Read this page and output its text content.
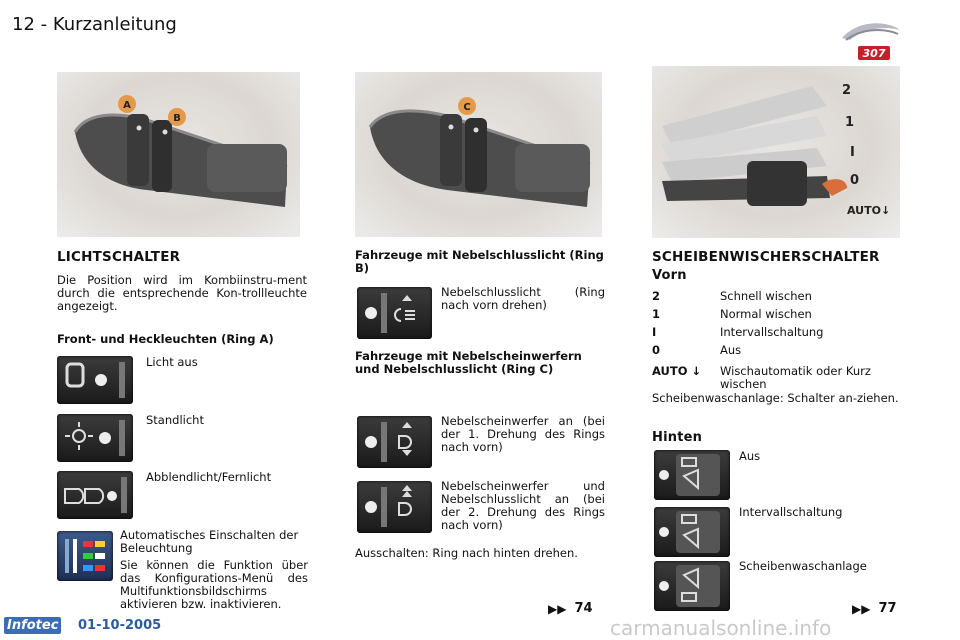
12 - Kurzanleitung
307
A
B
C
2
1
I
0
AUTO↓
LICHTSCHALTER
Die Position wird im Kombiinstru-ment durch die entsprechende Kon-trollleuchte angezeigt.
Front- und Heckleuchten (Ring A)
Licht aus
Standlicht
Abblendlicht/Fernlicht
Automatisches Einschalten der Beleuchtung
Sie können die Funktion über das Konfigurations-Menü des Multifunktionsbildschirms aktivieren bzw. inaktivieren.
Fahrzeuge mit Nebelschlusslicht (Ring B)
Nebelschlusslicht (Ring nach vorn drehen)
Fahrzeuge mit Nebelscheinwerfern und Nebelschlusslicht (Ring C)
Nebelscheinwerfer an (bei der 1. Drehung des Rings nach vorn)
Nebelscheinwerfer und Nebelschlusslicht an (bei der 2. Drehung des Rings nach vorn)
Ausschalten: Ring nach hinten drehen.
▶▶ 74
SCHEIBENWISCHERSCHALTER
Vorn
2	Schnell wischen
1	Normal wischen
I	Intervallschaltung
0	Aus
AUTO ↓	Wischautomatik oder Kurz wischen
Scheibenwaschanlage: Schalter an-ziehen.
Hinten
Aus
Intervallschaltung
Scheibenwaschanlage
▶▶ 77
Infotec 01-10-2005	carmanualsonline.info
